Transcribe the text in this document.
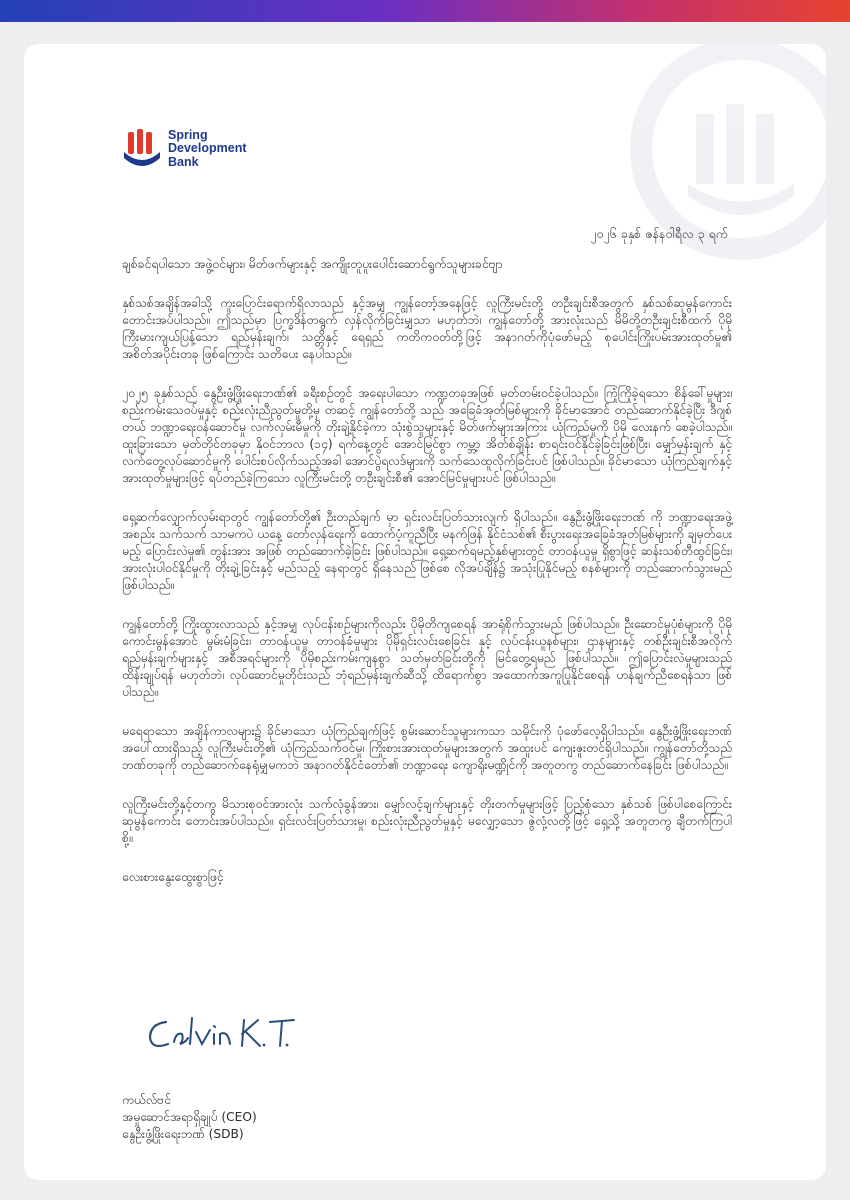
Spring
Development
Bank
၂၀၂၆ ခုနှစ် ဇန်နဝါရီလ ၃ ရက်

ချစ်ခင်ရပါသော အဖွဲ့ဝင်များ၊ မိတ်ဖက်များနှင့် အကျိုးတူပူးပေါင်းဆောင်ရွက်သူများခင်ဗျာ

နှစ်သစ်အချိန်အခါသို့ ကူးပြောင်းရောက်ရှိလာသည် နှင့်အမျှ ကျွန်တော့်အနေဖြင့် လူကြီးမင်းတို့ တဦးချင်းစီအတွက် နှစ်သစ်ဆုမွန်ကောင်း တောင်းအပ်ပါသည်။ ဤသည်မှာ ပြက္ခဒိန်တရွက် လှန်လိုက်ခြင်းမျှသာ မဟုတ်ဘဲ၊ ကျွန်တော်တို့ အားလုံးသည် မိမိတို့တဦးချင်းစီထက် ပိုမိုကြီးမားကျယ်ပြန့်သော ရည်မှန်းချက်၊ သတ္တိနှင့် ရေရှည် ကတိကဝတ်တို့ဖြင့် အနာဂတ်ကိုပုံဖော်မည့် စုပေါင်းကြိုးပမ်းအားထုတ်မှု၏ အစိတ်အပိုင်းတခု ဖြစ်ကြောင်း သတိပေး နေပါသည်။

၂၀၂၅ ခုနှစ်သည် နွေဦးဖွံ့ဖြိုးရေးဘဏ်၏ ခရီးစဉ်တွင် အရေးပါသော ကဏ္ဍတခုအဖြစ် မှတ်တမ်းဝင်ခဲ့ပါသည်။ ကြုံကြိုခဲ့ရသော စိန်ခေါ်မှုများ၊ စည်းကမ်းသေဝပ်မှုနှင့် စည်းလုံးညီညွတ်မှုတို့မှ တဆင့် ကျွန်တော်တို့ သည် အခြေခံအုတ်မြစ်များကို ခိုင်မာအောင် တည်ဆောက်နိုင်ခဲ့ပြီး ဒီဂျစ်တယ် ဘဏ္ဍာရေးဝန်ဆောင်မှု လက်လှမ်းမီမှုကို တိုးချဲ့နိုင်ခဲ့ကာ သုံးစွဲသူများနှင့် မိတ်ဖက်များအကြား ယုံကြည်မှုကို ပိုမို လေးနက် စေခဲ့ပါသည်။ ထူးခြားသော မှတ်တိုင်တခုမှာ နိုဝင်ဘာလ (၁၄) ရက်နေ့တွင် အောင်မြင်စွာ ကမ္ဘာ့ အိတ်စ်ချိန်း စာရင်းဝင်နိုင်ခဲ့ခြင်းဖြစ်ပြီး၊ မျှော်မှန်းချက် နှင့် လက်တွေ့လုပ်ဆောင်မှုကို ပေါင်းစပ်လိုက်သည့်အခါ အောင်ပွဲရလဒ်များကို သက်သေထူလိုက်ခြင်းပင် ဖြစ်ပါသည်။ ခိုင်မာသော ယုံကြည်ချက်နှင့် အားထုတ်မှုများဖြင့် ရပ်တည်ခဲ့ကြသော လူကြီးမင်းတို့ တဦးချင်းစီ၏ အောင်မြင်မှုများပင် ဖြစ်ပါသည်။

ရှေ့ဆက်လျှောက်လှမ်းရာတွင် ကျွန်တော်တို့၏ ဦးတည်ချက် မှာ ရှင်းလင်းပြတ်သားလျက် ရှိပါသည်။ နွေဦးဖွံ့ဖြိုးရေးဘဏ် ကို ဘဏ္ဍာရေးအဖွဲ့အစည်း သက်သက် သာမကပဲ ယနေ့ တော်လှန်ရေးကို ထောက်ပံ့ကူညီပြီး မနက်ဖြန် နိုင်ငံသစ်၏ စီးပွားရေးအခြေခံအုတ်မြစ်များကို ချမှတ်ပေးမည့် ပြောင်းလဲမှု၏ တွန်းအား အဖြစ် တည်ဆောက်ခဲ့ခြင်း ဖြစ်ပါသည်။ ရှေ့ဆက်ရမည့်နှစ်များတွင် တာဝန်ယူမှု ရှိစွာဖြင့် ဆန်းသစ်တီထွင်ခြင်း၊ အားလုံးပါဝင်နိုင်မှုကို တိုးချဲ့ခြင်းနှင့် မည်သည့် နေရာတွင် ရှိနေသည် ဖြစ်စေ လိုအပ်ချိန်၌ အသုံးပြုနိုင်မည့် စနစ်များကို တည်ဆောက်သွားမည် ဖြစ်ပါသည်။

ကျွန်တော်တို့ ကြိုးထွားလာသည် နှင့်အမျှ လုပ်ငန်းစဉ်များကိုလည်း ပိုမိုတိကျစေရန် အာရုံစိုက်သွားမည် ဖြစ်ပါသည်။ ဦးဆောင်မှုပုံစံများကို ပိုမိုကောင်းမွန်အောင် မွမ်းမံခြင်း၊ တာဝန်ယူမှု တာဝန်ခံမှုများ ပိုမိုရှင်းလင်းစေခြင်း နှင့် လုပ်ငန်းယူနစ်များ၊ ဌာနများနှင့် တစ်ဦးချင်းစီအလိုက် ရည်မှန်းချက်များနှင့် အစီအရင်များကို ပိုမိုစည်းကမ်းကျနစွာ သတ်မှတ်ခြင်းတို့ကို မြင်တွေ့ရမည် ဖြစ်ပါသည်။ ဤပြောင်းလဲမှုများသည် ထိန်းချုပ်ရန် မဟုတ်ဘဲ၊ လုပ်ဆောင်မှုတိုင်းသည် ဘုံရည်မှန်းချက်ဆီသို့ ထိရောက်စွာ အထောက်အကူပြုနိုင်စေရန် ဟန်ချက်ညီစေရန်သာ ဖြစ်ပါသည်။

မရေရာသော အချိန်ကာလများ၌ ခိုင်မာသော ယုံကြည်ချက်ဖြင့် စွမ်းဆောင်သူများကသာ သမိုင်းကို ပုံဖော်လေ့ရှိပါသည်။ နွေဦးဖွံ့ဖြိုးရေးဘဏ် အပေါ်ထားရှိသည့် လူကြီးမင်းတို့၏ ယုံကြည်သက်ဝင်မှု၊ ကြိုးစားအားထုတ်မှုများအတွက် အထူးပင် ကျေးဇူးတင်ရှိပါသည်။ ကျွန်တော်တို့သည် ဘဏ်တခုကို တည်ဆောက်နေရုံမျှမကဘဲ အနာဂတ်နိုင်ငံတော်၏ ဘဏ္ဍာရေး ကျောရိုးမဏ္ဍိုင်ကို အတူတကွ တည်ဆောက်နေခြင်း ဖြစ်ပါသည်။

လူကြီးမင်းတို့နှင့်တကွ မိသားစုဝင်အားလုံး သက်လုံခွန်အား၊ မျှော်လင့်ချက်များနှင့် တိုးတက်မှုများဖြင့် ပြည့်စုံသော နှစ်သစ် ဖြစ်ပါစေကြောင်း ဆုမွန်ကောင်း တောင်းအပ်ပါသည်။ ရှင်းလင်းပြတ်သားမှု၊ စည်းလုံးညီညွတ်မှုနှင့် မလျှော့သော ဇွဲလုံ့လတို့ဖြင့် ရှေ့သို့ အတူတကွ ချီတက်ကြပါစို့။

လေးစားနွေးထွေးစွာဖြင့်

ကယ်လ်ဗင်
အမှုဆောင်အရာရှိချုပ် (CEO)
နွေဦးဖွံ့ဖြိုးရေးဘဏ် (SDB)
